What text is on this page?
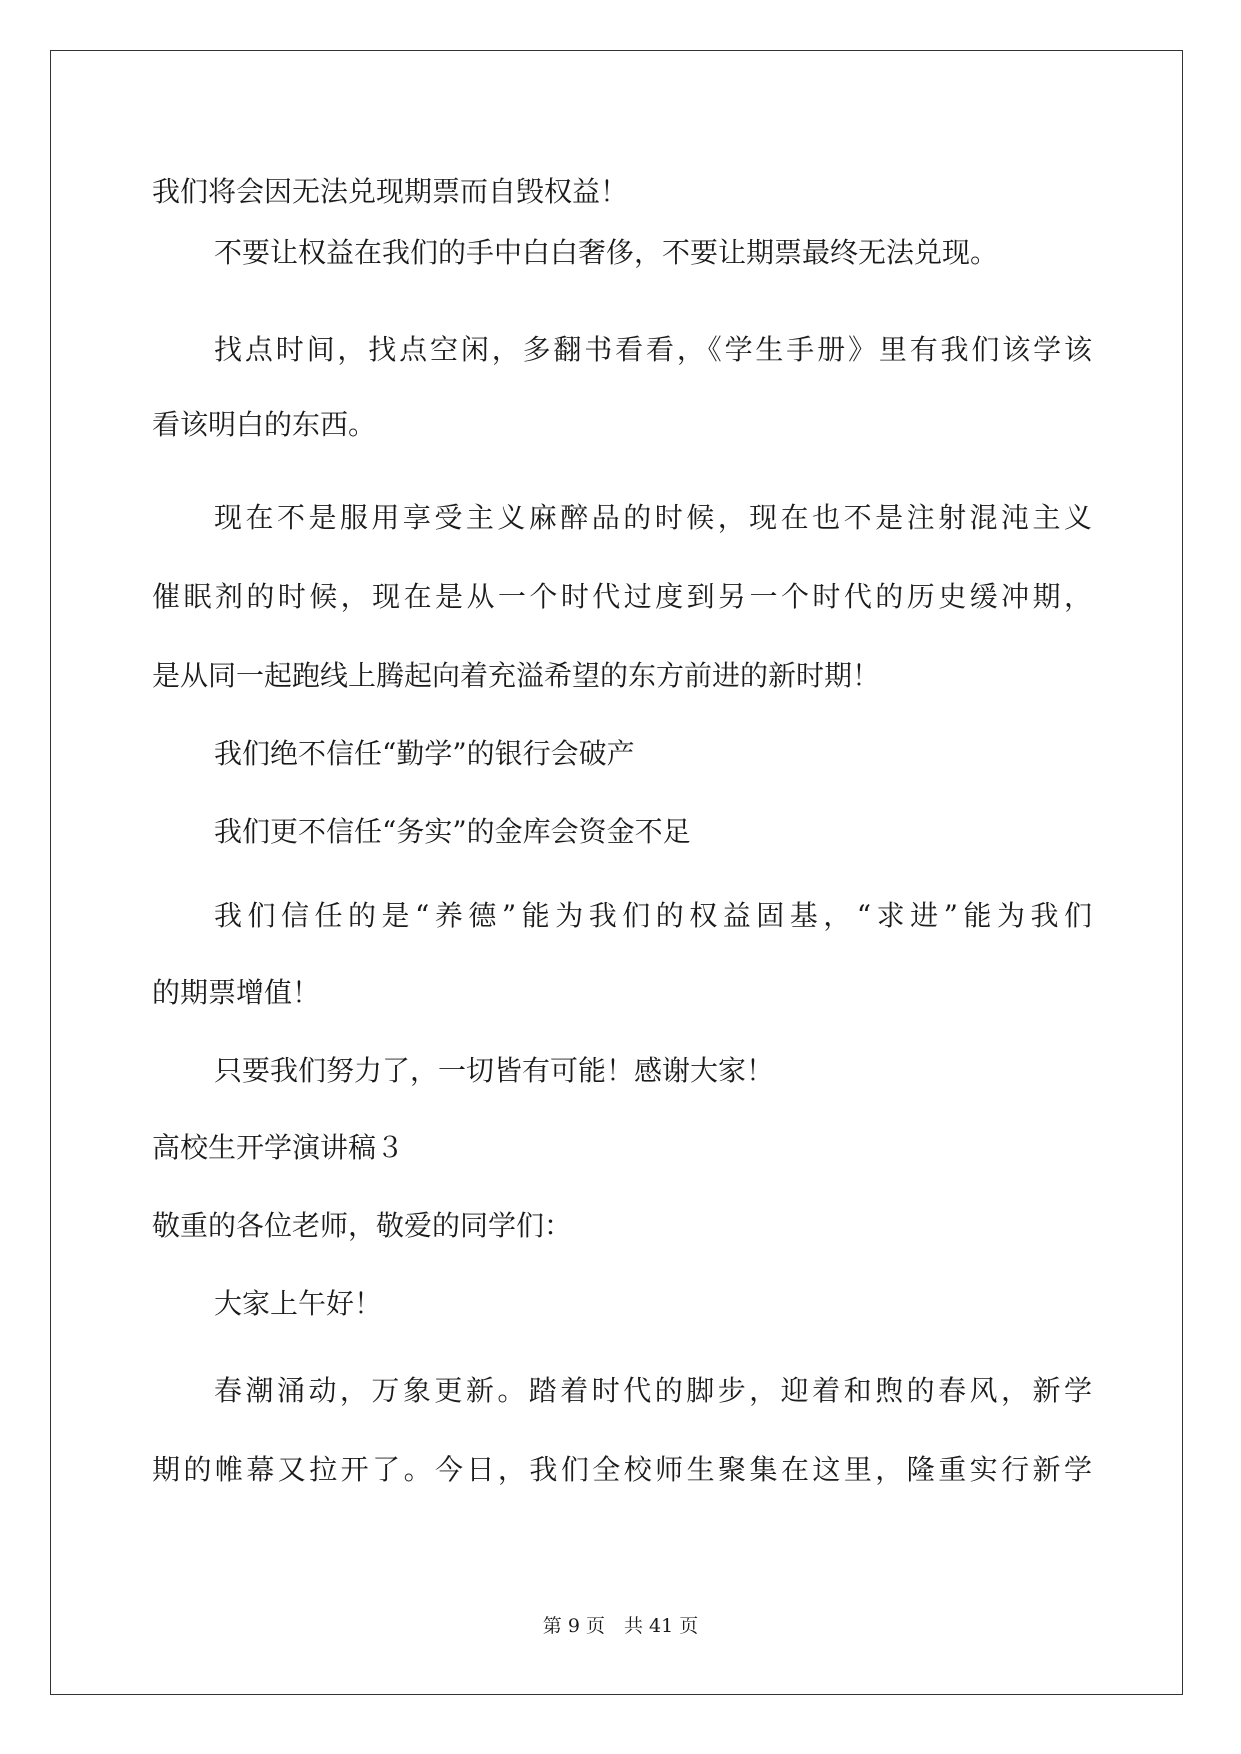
我们将会因无法兑现期票而自毁权益！
不要让权益在我们的手中白白奢侈，不要让期票最终无法兑现。
找点时间，找点空闲，多翻书看看，《学生手册》里有我们该学该
看该明白的东西。
现在不是服用享受主义麻醉品的时候，现在也不是注射混沌主义
催眠剂的时候，现在是从一个时代过度到另一个时代的历史缓冲期，
是从同一起跑线上腾起向着充溢希望的东方前进的新时期！
我们绝不信任“勤学”的银行会破产
我们更不信任“务实”的金库会资金不足
我们信任的是“养德”能为我们的权益固基，“求进”能为我们
的期票增值！
只要我们努力了，一切皆有可能！感谢大家！
高校生开学演讲稿３
敬重的各位老师，敬爱的同学们：
大家上午好！
春潮涌动，万象更新。踏着时代的脚步，迎着和煦的春风，新学
期的帷幕又拉开了。今日，我们全校师生聚集在这里，隆重实行新学
第 9 页　共 41 页
